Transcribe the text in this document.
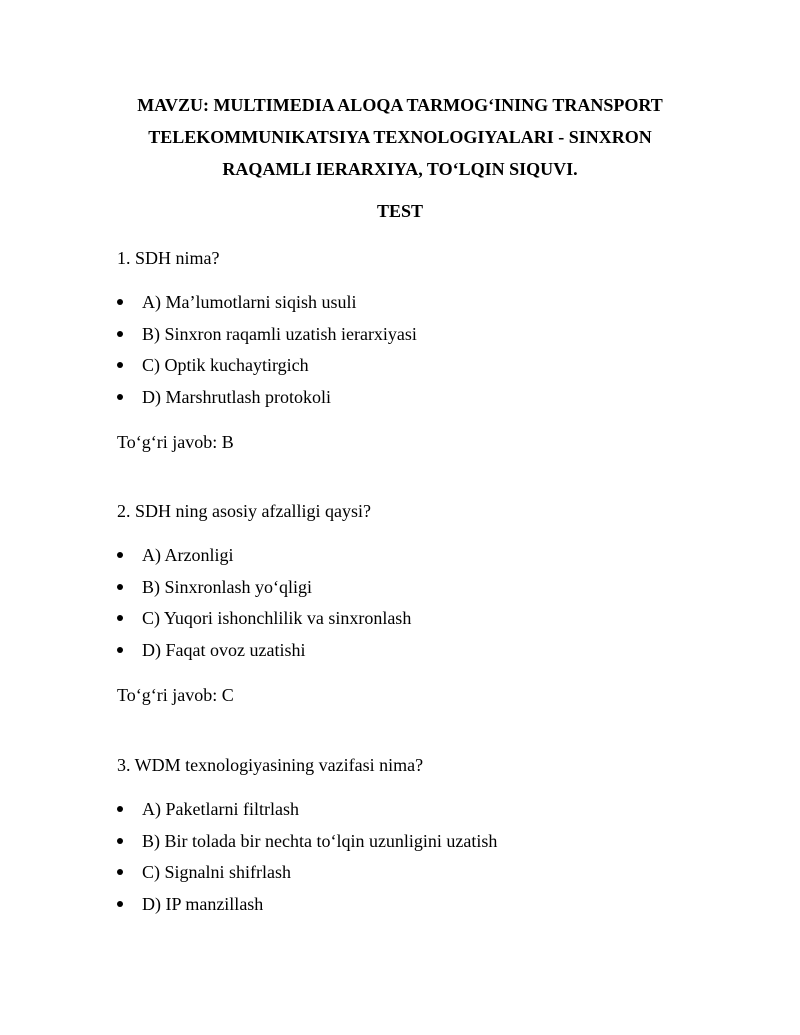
MAVZU: MULTIMEDIA ALOQA TARMOG‘INING TRANSPORT
TELEKOMMUNIKATSIYA TEXNOLOGIYALARI - SINXRON
RAQAMLI IERARXIYA, TO‘LQIN SIQUVI.
TEST

1. SDH nima?

A) Ma’lumotlarni siqish usuli
B) Sinxron raqamli uzatish ierarxiyasi
C) Optik kuchaytirgich
D) Marshrutlash protokoli

To‘g‘ri javob: B

2. SDH ning asosiy afzalligi qaysi?

A) Arzonligi
B) Sinxronlash yo‘qligi
C) Yuqori ishonchlilik va sinxronlash
D) Faqat ovoz uzatishi

To‘g‘ri javob: C

3. WDM texnologiyasining vazifasi nima?

A) Paketlarni filtrlash
B) Bir tolada bir nechta to‘lqin uzunligini uzatish
C) Signalni shifrlash
D) IP manzillash
